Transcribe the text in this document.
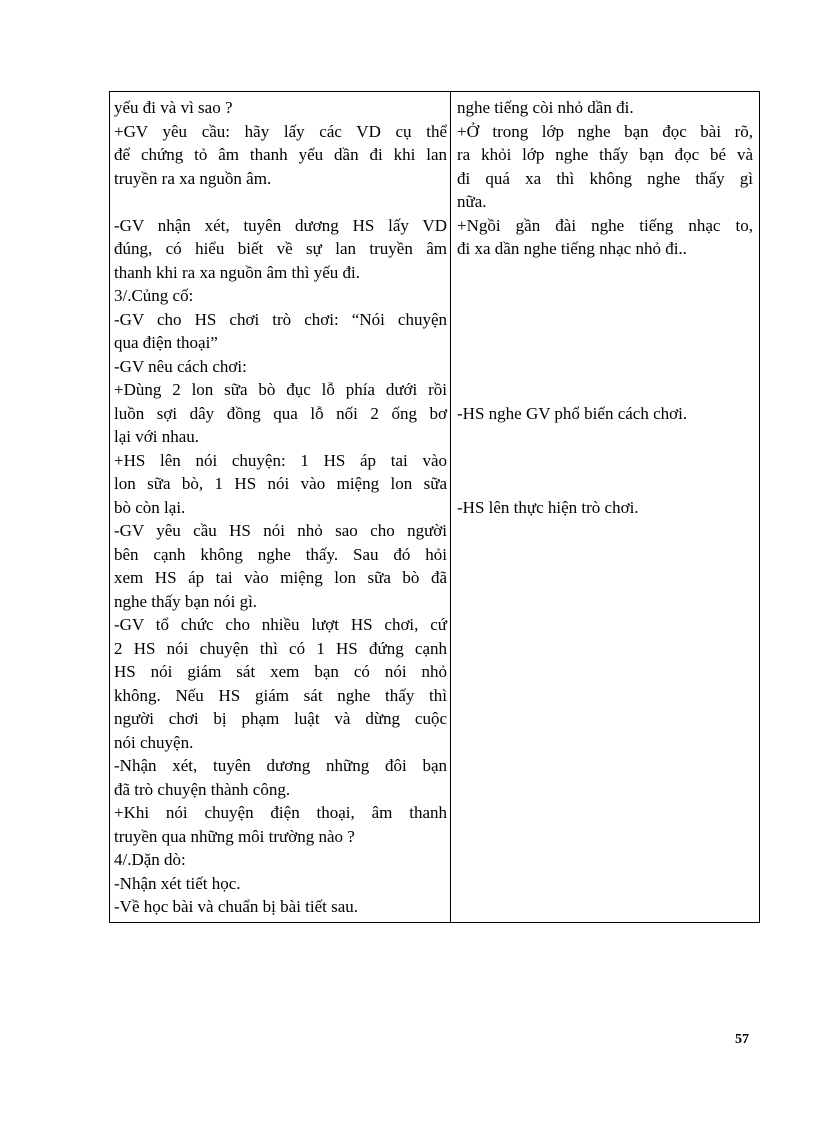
yếu đi và vì sao ?
+GV yêu cầu: hãy lấy các VD cụ thể
để chứng tỏ âm thanh yếu dần đi khi lan
truyền ra xa nguồn âm.
-GV nhận xét, tuyên dương HS lấy VD
đúng, có hiểu biết về sự lan truyền âm
thanh khi ra xa nguồn âm thì yếu đi.
3/.Củng cố:
-GV cho HS chơi trò chơi: “Nói chuyện
qua điện thoại”
-GV nêu cách chơi:
+Dùng 2 lon sữa bò đục lỗ phía dưới rồi
luồn sợi dây đồng qua lỗ nối 2 ống bơ
lại với nhau.
+HS lên nói chuyện: 1 HS áp tai vào
lon sữa bò, 1 HS nói vào miệng lon sữa
bò còn lại.
-GV yêu cầu HS nói nhỏ sao cho người
bên cạnh không nghe thấy. Sau đó hỏi
xem HS áp tai vào miệng lon sữa bò đã
nghe thấy bạn nói gì.
-GV tổ chức cho nhiều lượt HS chơi, cứ
2 HS nói chuyện thì có 1 HS đứng cạnh
HS nói giám sát xem bạn có nói nhỏ
không. Nếu HS giám sát nghe thấy thì
người chơi bị phạm luật và dừng cuộc
nói chuyện.
-Nhận xét, tuyên dương những đôi bạn
đã trò chuyện thành công.
+Khi nói chuyện điện thoại, âm thanh
truyền qua những môi trường nào ?
4/.Dặn dò:
-Nhận xét tiết học.
-Về học bài và chuẩn bị bài tiết sau.
nghe tiếng còi nhỏ dần đi.
+Ở trong lớp nghe bạn đọc bài rõ,
ra khỏi lớp nghe thấy bạn đọc bé và
đi quá xa thì không nghe thấy gì
nữa.
+Ngồi gần đài nghe tiếng nhạc to,
đi xa dần nghe tiếng nhạc nhỏ đi..
-HS nghe GV phổ biến cách chơi.
-HS lên thực hiện trò chơi.
57
